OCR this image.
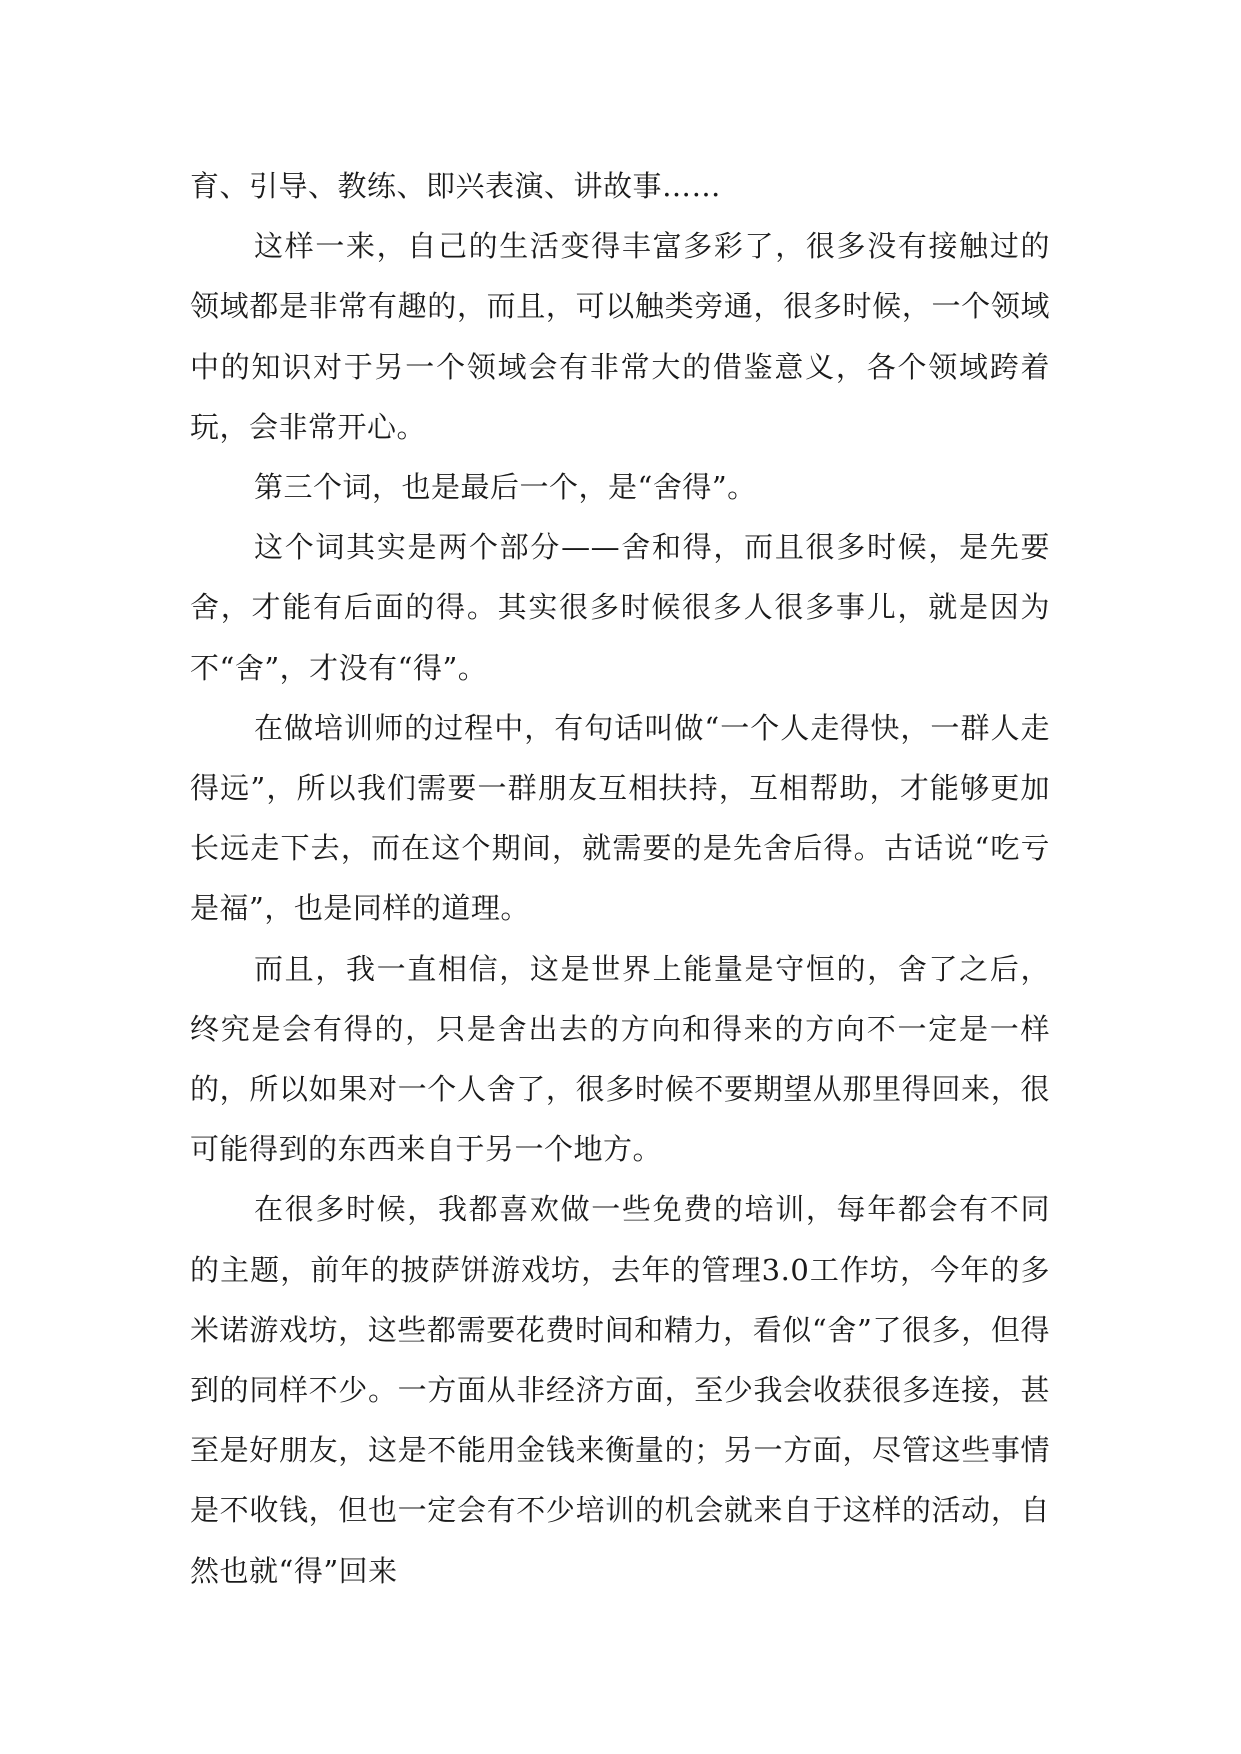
育、引导、教练、即兴表演、讲故事……

这样一来，自己的生活变得丰富多彩了，很多没有接触过的领域都是非常有趣的，而且，可以触类旁通，很多时候，一个领域中的知识对于另一个领域会有非常大的借鉴意义，各个领域跨着玩，会非常开心。

第三个词，也是最后一个，是“舍得”。

这个词其实是两个部分——舍和得，而且很多时候，是先要舍，才能有后面的得。其实很多时候很多人很多事儿，就是因为不“舍”，才没有“得”。

在做培训师的过程中，有句话叫做“一个人走得快，一群人走得远”，所以我们需要一群朋友互相扶持，互相帮助，才能够更加长远走下去，而在这个期间，就需要的是先舍后得。古话说“吃亏是福”，也是同样的道理。

而且，我一直相信，这是世界上能量是守恒的，舍了之后，终究是会有得的，只是舍出去的方向和得来的方向不一定是一样的，所以如果对一个人舍了，很多时候不要期望从那里得回来，很可能得到的东西来自于另一个地方。

在很多时候，我都喜欢做一些免费的培训，每年都会有不同的主题，前年的披萨饼游戏坊，去年的管理3.0工作坊，今年的多米诺游戏坊，这些都需要花费时间和精力，看似“舍”了很多，但得到的同样不少。一方面从非经济方面，至少我会收获很多连接，甚至是好朋友，这是不能用金钱来衡量的；另一方面，尽管这些事情是不收钱，但也一定会有不少培训的机会就来自于这样的活动，自然也就“得”回来
